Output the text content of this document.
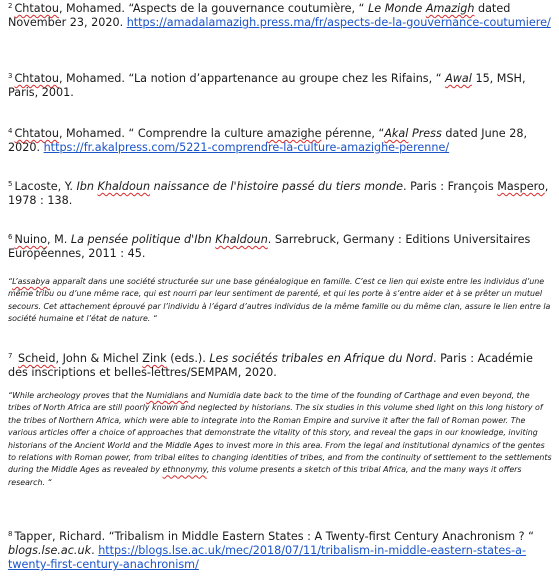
$^2$ Chtatou, Mohamed. “Aspects de la gouvernance coutumière, “ Le Monde Amazigh dated November 23, 2020. https://amadalamazigh.press.ma/fr/aspects-de-la-gouvernance-coutumiere/
$^3$ Chtatou, Mohamed. “La notion d’appartenance au groupe chez les Rifains, “ Awal 15, MSH, Paris, 2001.
$^4$ Chtatou, Mohamed. “ Comprendre la culture amazighe pérenne, “Akal Press dated June 28, 2020. https://fr.akalpress.com/5221-comprendre-la-culture-amazighe-perenne/
$^5$ Lacoste, Y. Ibn Khaldoun naissance de l'histoire passé du tiers monde. Paris : François Maspero, 1978 : 138.
$^6$ Nuino, M. La pensée politique d'Ibn Khaldoun. Sarrebruck, Germany : Editions Universitaires Européennes, 2011 : 45.
“L’assabya apparaît dans une société structurée sur une base généalogique en famille. C’est ce lien qui existe entre les individus d’une même tribu ou d’une même race, qui est nourri par leur sentiment de parenté, et qui les porte à s’entre aider et à se prêter un mutuel secours. Cet attachement éprouvé par l’individu à l’égard d’autres individus de la même famille ou du même clan, assure le lien entre la société humaine et l’état de nature. “
$^7$ Scheid, John & Michel Zink (eds.). Les sociétés tribales en Afrique du Nord. Paris : Académie des inscriptions et belles-lettres/SEMPAM, 2020.
“While archeology proves that the Numidians and Numidia date back to the time of the founding of Carthage and even beyond, the tribes of North Africa are still poorly known and neglected by historians. The six studies in this volume shed light on this long history of the tribes of Northern Africa, which were able to integrate into the Roman Empire and survive it after the fall of Roman power. The various articles offer a choice of approaches that demonstrate the vitality of this story, and reveal the gaps in our knowledge, inviting historians of the Ancient World and the Middle Ages to invest more in this area. From the legal and institutional dynamics of the gentes to relations with Roman power, from tribal elites to changing identities of tribes, and from the continuity of settlement to the settlements during the Middle Ages as revealed by ethnonymy, this volume presents a sketch of this tribal Africa, and the many ways it offers research. “
$^8$ Tapper, Richard. “Tribalism in Middle Eastern States : A Twenty-first Century Anachronism ? “ blogs.lse.ac.uk. https://blogs.lse.ac.uk/mec/2018/07/11/tribalism-in-middle-eastern-states-a-twenty-first-century-anachronism/
